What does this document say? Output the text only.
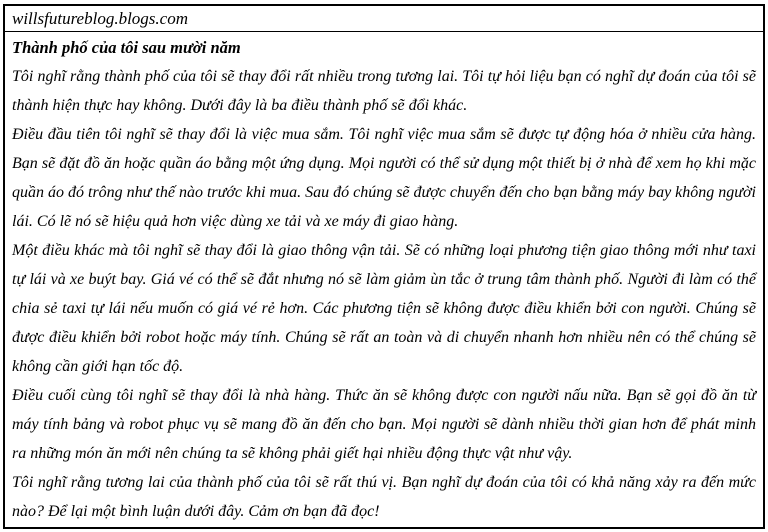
willsfutureblog.blogs.com

Thành phố của tôi sau mười năm

Tôi nghĩ rằng thành phố của tôi sẽ thay đổi rất nhiều trong tương lai. Tôi tự hỏi liệu bạn có nghĩ dự đoán của tôi sẽ thành hiện thực hay không. Dưới đây là ba điều thành phố sẽ đổi khác.

Điều đầu tiên tôi nghĩ sẽ thay đổi là việc mua sắm. Tôi nghĩ việc mua sắm sẽ được tự động hóa ở nhiều cửa hàng. Bạn sẽ đặt đồ ăn hoặc quần áo bằng một ứng dụng. Mọi người có thể sử dụng một thiết bị ở nhà để xem họ khi mặc quần áo đó trông như thế nào trước khi mua. Sau đó chúng sẽ được chuyển đến cho bạn bằng máy bay không người lái. Có lẽ nó sẽ hiệu quả hơn việc dùng xe tải và xe máy đi giao hàng.

Một điều khác mà tôi nghĩ sẽ thay đổi là giao thông vận tải. Sẽ có những loại phương tiện giao thông mới như taxi tự lái và xe buýt bay. Giá vé có thể sẽ đắt nhưng nó sẽ làm giảm ùn tắc ở trung tâm thành phố. Người đi làm có thể chia sẻ taxi tự lái nếu muốn có giá vé rẻ hơn. Các phương tiện sẽ không được điều khiển bởi con người. Chúng sẽ được điều khiển bởi robot hoặc máy tính. Chúng sẽ rất an toàn và di chuyển nhanh hơn nhiều nên có thể chúng sẽ không cần giới hạn tốc độ.

Điều cuối cùng tôi nghĩ sẽ thay đổi là nhà hàng. Thức ăn sẽ không được con người nấu nữa. Bạn sẽ gọi đồ ăn từ máy tính bảng và robot phục vụ sẽ mang đồ ăn đến cho bạn. Mọi người sẽ dành nhiều thời gian hơn để phát minh ra những món ăn mới nên chúng ta sẽ không phải giết hại nhiều động thực vật như vậy.

Tôi nghĩ rằng tương lai của thành phố của tôi sẽ rất thú vị. Bạn nghĩ dự đoán của tôi có khả năng xảy ra đến mức nào? Để lại một bình luận dưới đây. Cảm ơn bạn đã đọc!
